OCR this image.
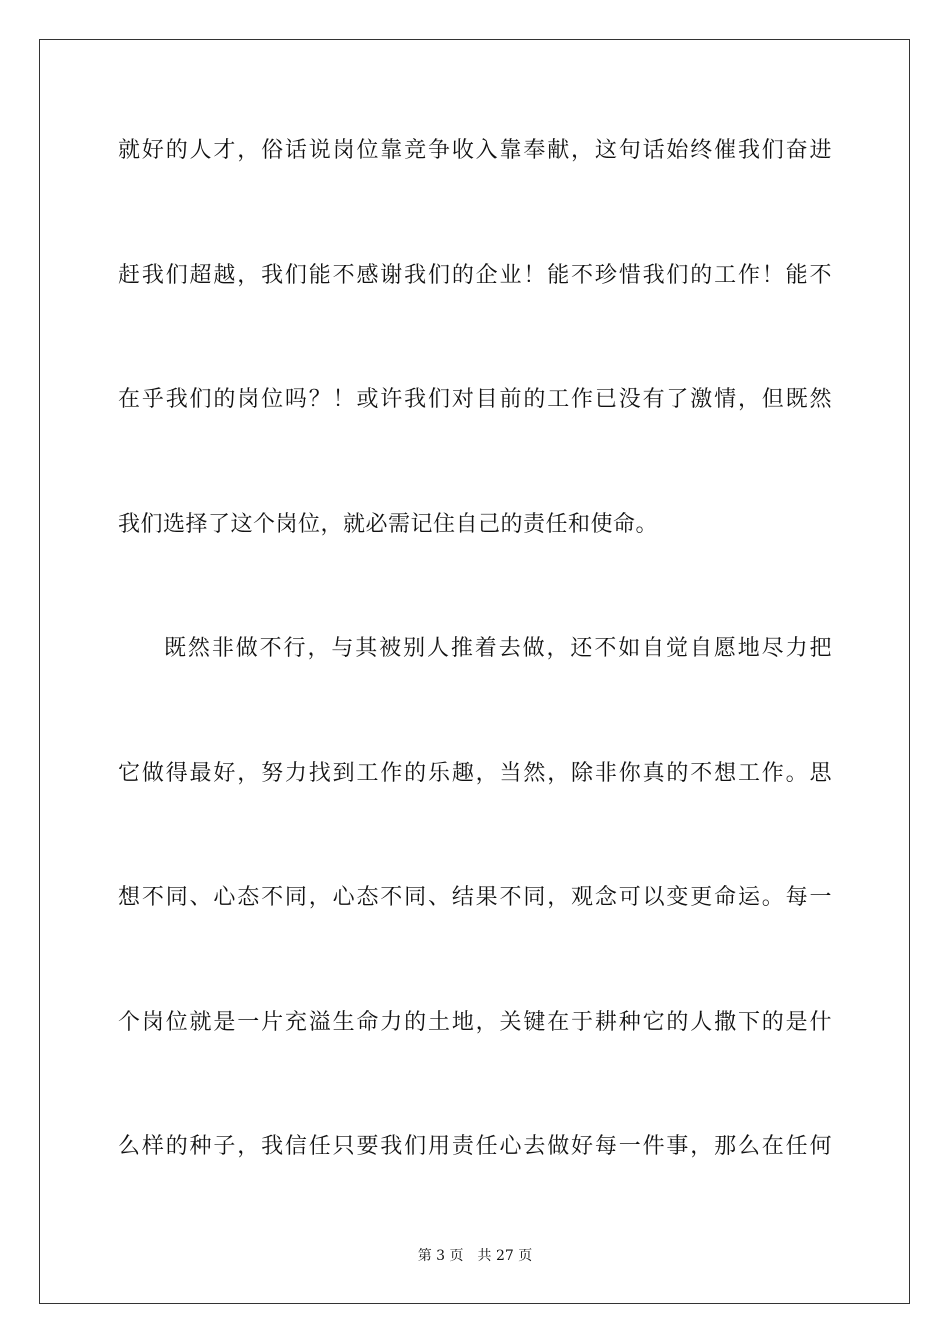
就好的人才，俗话说岗位靠竞争收入靠奉献，这句话始终催我们奋进
赶我们超越，我们能不感谢我们的企业！能不珍惜我们的工作！能不
在乎我们的岗位吗？！或许我们对目前的工作已没有了激情，但既然
我们选择了这个岗位，就必需记住自己的责任和使命。
既然非做不行，与其被别人推着去做，还不如自觉自愿地尽力把
它做得最好，努力找到工作的乐趣，当然，除非你真的不想工作。思
想不同、心态不同，心态不同、结果不同，观念可以变更命运。每一
个岗位就是一片充溢生命力的土地，关键在于耕种它的人撒下的是什
么样的种子，我信任只要我们用责任心去做好每一件事，那么在任何
第 3 页 共 27 页
